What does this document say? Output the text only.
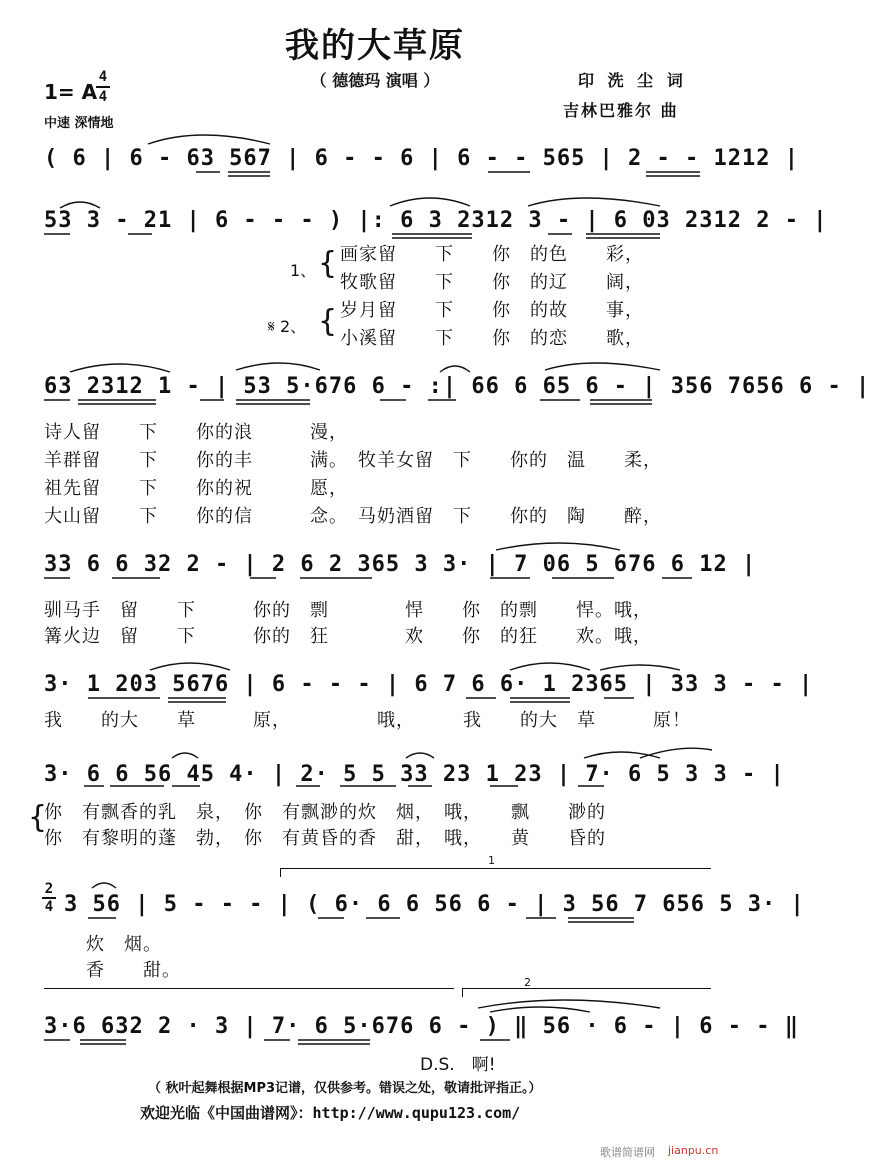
我的大草原
（ 德德玛 演唱 ）	印 洗 尘 词
吉林巴雅尔 曲
1= A
4
4
中速 深情地
( 6 | 6 - 63 567 | 6 - - 6 | 6 - - 565 | 2 - - 1212 |
53 3 - 21 | 6 - - - ) |: 6 3 2312 3 - | 6 03 2312 2 - |
1、
𝄋 2、
{
{
画家留　　下　　你　的色　　彩，
牧歌留　　下　　你　的辽　　阔，
岁月留　　下　　你　的故　　事，
小溪留　　下　　你　的恋　　歌，
63 2312 1 - | 53 5·676 6 - :| 66 6 65 6 - | 356 7656 6 - |
诗人留　　下　　你的浪　　　漫，
羊群留　　下　　你的丰　　　满。　牧羊女留　下　　你的　温　　柔，
祖先留　　下　　你的祝　　　愿，
大山留　　下　　你的信　　　念。　马奶酒留　下　　你的　陶　　醉，
33 6 6 32 2 - | 2 6 2 365 3 3· | 7 06 5 676 6 12 |
驯马手　留　　下　　　你的　剽　　　　悍　　你　的剽　　悍。哦，
篝火边　留　　下　　　你的　狂　　　　欢　　你　的狂　　欢。哦，
3· 1 203 5676 | 6 - - - | 6 7 6 6· 1 2365 | 33 3 - - |
我　　的大　　草　　　原，　　　　　哦，　　　我　　的大　草　　　原！
3· 6 6 56 45 4· | 2· 5 5 33 23 1 23 | 7· 6 5 3 3 - |
{
你　有飘香的乳　泉，　你　有飘渺的炊　烟，　哦，　　飘　　渺的
你　有黎明的蓬　勃，　你　有黄昏的香　甜，　哦，　　黄　　昏的
2
4 3 56 | 5 - - - | ( 6· 6 6 56 6 - | 3 56 7 656 5 3· |
炊　烟。
香　　甜。
3·6 632 2 · 3 | 7· 6 5·676 6 - ) ‖ 56 · 6 - | 6 - - ‖
D.S.　啊!
（ 秋叶起舞根据MP3记谱，仅供参考。错误之处，敬请批评指正。）
欢迎光临《中国曲谱网》：http://www.qupu123.com/
歌谱简谱网 jianpu.cn
1
2
